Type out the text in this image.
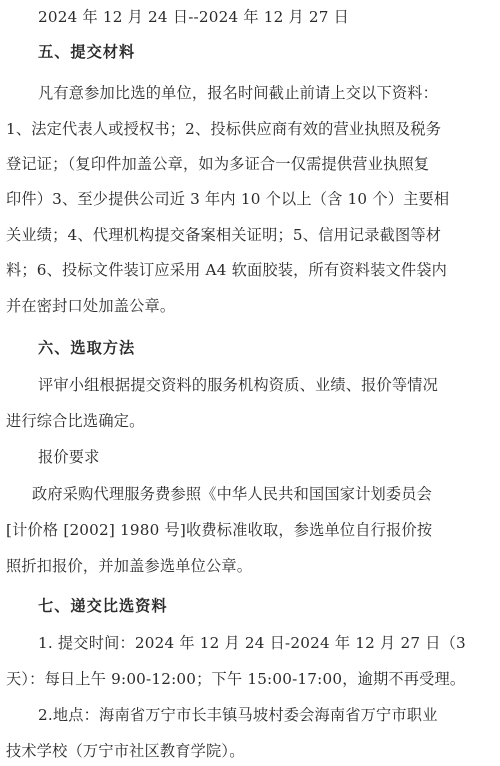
2024 年 12 月 24 日--2024 年 12 月 27 日
五、提交材料
凡有意参加比选的单位，报名时间截止前请上交以下资料：
1、法定代表人或授权书；2、投标供应商有效的营业执照及税务
登记证；（复印件加盖公章，如为多证合一仅需提供营业执照复
印件）3、至少提供公司近 3 年内 10 个以上（含 10 个）主要相
关业绩；4、代理机构提交备案相关证明；5、信用记录截图等材
料；6、投标文件装订应采用 A4 软面胶装，所有资料装文件袋内
并在密封口处加盖公章。
六、选取方法
评审小组根据提交资料的服务机构资质、业绩、报价等情况
进行综合比选确定。
报价要求
政府采购代理服务费参照《中华人民共和国国家计划委员会
[计价格 [2002] 1980 号]收费标准收取，参选单位自行报价按
照折扣报价，并加盖参选单位公章。
七、递交比选资料
1. 提交时间：2024 年 12 月 24 日-2024 年 12 月 27 日（3
天）：每日上午 9:00-12:00；下午 15:00-17:00，逾期不再受理。
2.地点：海南省万宁市长丰镇马坡村委会海南省万宁市职业
技术学校（万宁市社区教育学院）。
